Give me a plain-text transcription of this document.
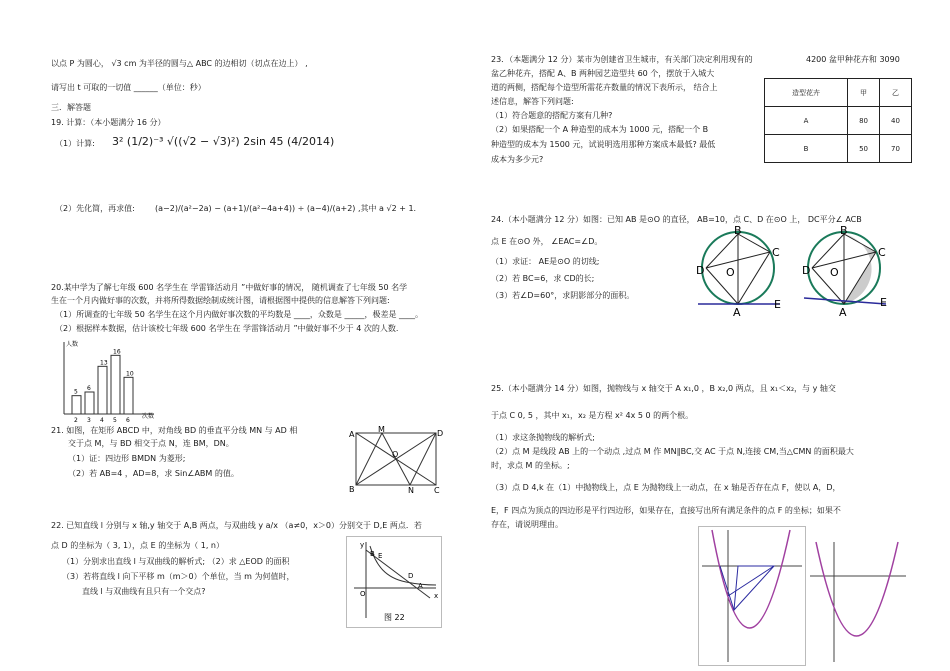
以点 P 为圆心， √3 cm 为半径的圆与△ ABC 的边相切（切点在边上） ,
请写出 t 可取的一切值 ______（单位：秒）
三．解答题
19. 计算：（本小题满分 16 分）
（1）计算: 3² (1/2)⁻³ √((√2 − √3)²) 2sin 45 (4/2014)
（2）先化简，再求值:	(a−2)/(a²−2a) − (a+1)/(a²−4a+4)) ÷ (a−4)/(a+2) ,其中 a √2 + 1.
20.某中学为了解七年级 600 名学生在 学雷锋活动月 ”中做好事的情况， 随机调查了七年级 50 名学
生在一个月内做好事的次数，并将所得数据绘制成统计图，请根据图中提供的信息解答下列问题:
（1）所调查的七年级 50 名学生在这个月内做好事次数的平均数是 ____，众数是 _____，极差是 ____。
（2）根据样本数据，估计该校七年级 600 名学生在 学雷锋活动月 ”中做好事不少于 4 次的人数.
人数
次数
5
2
6
3
13
4
16
5
10
6
21. 如图，在矩形 ABCD 中，对角线 BD 的垂直平分线 MN 与 AD 相
交于点 M，与 BD 相交于点 N，连 BM，DN。
（1）证：四边形 BMDN 为菱形;
（2）若 AB=4 ，AD=8，求 Sin∠ABM 的值。
A
M	D
O
B	N	C
22. 已知直线 l 分别与 x 轴,y 轴交于 A,B 两点，与双曲线 y a/x （a≠0，x＞0）分别交于 D,E 两点．若
点 D 的坐标为（ 3, 1），点 E 的坐标为（ 1, n）
（1）分别求出直线 l 与双曲线的解析式; （2）求 △EOD 的面积
（3）若将直线 l 向下平移 m（m＞0）个单位，当 m 为何值时，
直线 l 与双曲线有且只有一个交点?
y
B E
D
A
x
O
图 22
23．（本题满分 12 分）某市为创建省卫生城市，有关部门决定利用现有的	4200 盆甲种花卉和 3090
盆乙种花卉，搭配 A、B 两种园艺造型共 60 个，摆放于入城大
道的两侧，搭配每个造型所需花卉数量的情况下表所示， 结合上
述信息，解答下列问题:
（1）符合题意的搭配方案有几种?
（2）如果搭配一个 A 种造型的成本为 1000 元，搭配一个 B
种造型的成本为 1500 元，试说明选用那种方案成本最低? 最低
成本为多少元?
造型花卉	甲	乙
A	80	40
B	50	70
24.（本小题满分 12 分）如图：已知 AB 是⊙O 的直径， AB=10，点 C、D 在⊙O 上， DC平分∠ ACB
点 E 在⊙O 外， ∠EAC=∠D。
（1）求证： AE是⊙O 的切线;
（2）若 BC=6，求 CD的长;
（3）若∠D=60°，求阴影部分的面积。
B
C
D O
A
E
B
C
D O
A
E
25.（本小题满分 14 分）如图，抛物线与 x 轴交于 A x₁,0 ，B x₂,0 两点，且 x₁＜x₂，与 y 轴交
于点 C 0, 5 ，其中 x₁，x₂ 是方程 x² 4x 5 0 的两个根。
（1）求这条抛物线的解析式;
（2）点 M 是线段 AB 上的一个动点 ,过点 M 作 MN∥BC,交 AC 于点 N,连接 CM,当△CMN 的面积最大
时，求点 M 的坐标。;
（3）点 D 4,k 在（1）中抛物线上，点 E 为抛物线上一动点，在 x 轴是否存在点 F，使以 A，D，
E，F 四点为顶点的四边形是平行四边形，如果存在，直接写出所有满足条件的点 F 的坐标；如果不
存在，请说明理由。
